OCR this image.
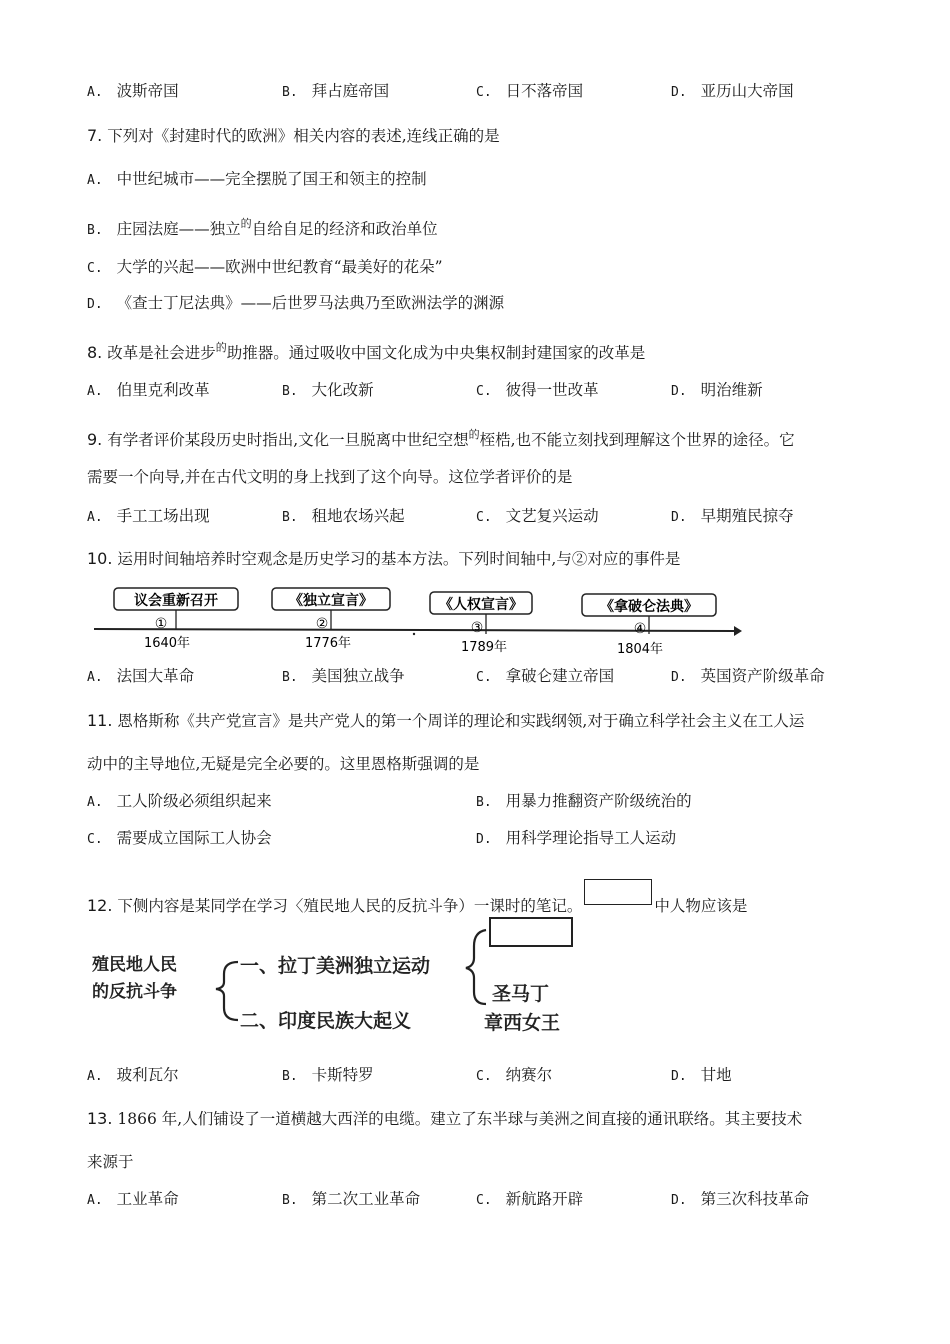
A. 波斯帝国	B. 拜占庭帝国	C. 日不落帝国	D. 亚历山大帝国
7. 下列对《封建时代的欧洲》相关内容的表述,连线正确的是
A. 中世纪城市——完全摆脱了国王和领主的控制
B. 庄园法庭——独立$^的$自给自足的经济和政治单位
C. 大学的兴起——欧洲中世纪教育“最美好的花朵”
D. 《查士丁尼法典》——后世罗马法典乃至欧洲法学的渊源
8. 改革是社会进步$^的$助推器。通过吸收中国文化成为中央集权制封建国家的改革是
A. 伯里克利改革	B. 大化改新	C. 彼得一世改革	D. 明治维新
9. 有学者评价某段历史时指出,文化一旦脱离中世纪空想$^的$桎梏,也不能立刻找到理解这个世界的途径。它
需要一个向导,并在古代文明的身上找到了这个向导。这位学者评价的是
A. 手工工场出现	B. 租地农场兴起	C. 文艺复兴运动	D. 早期殖民掠夺
10. 运用时间轴培养时空观念是历史学习的基本方法。下列时间轴中,与②对应的事件是
议会重新召开
①
1640年
《独立宣言》
②
1776年
《人权宣言》
③
1789年
《拿破仑法典》
④
1804年
A. 法国大革命	B. 美国独立战争	C. 拿破仑建立帝国	D. 英国资产阶级革命
11. 恩格斯称《共产党宣言》是共产党人的第一个周详的理论和实践纲领,对于确立科学社会主义在工人运
动中的主导地位,无疑是完全必要的。这里恩格斯强调的是
A. 工人阶级必须组织起来	B. 用暴力推翻资产阶级统治的
C. 需要成立国际工人协会	D. 用科学理论指导工人运动
12. 下侧内容是某同学在学习〈殖民地人民的反抗斗争）一课时的笔记。	中人物应该是
殖民地人民
的反抗斗争
一、拉丁美洲独立运动
二、印度民族大起义
圣马丁
章西女王
A. 玻利瓦尔	B. 卡斯特罗	C. 纳赛尔	D. 甘地
13. 1866 年,人们铺设了一道横越大西洋的电缆。建立了东半球与美洲之间直接的通讯联络。其主要技术
来源于
A. 工业革命	B. 第二次工业革命	C. 新航路开辟	D. 第三次科技革命
